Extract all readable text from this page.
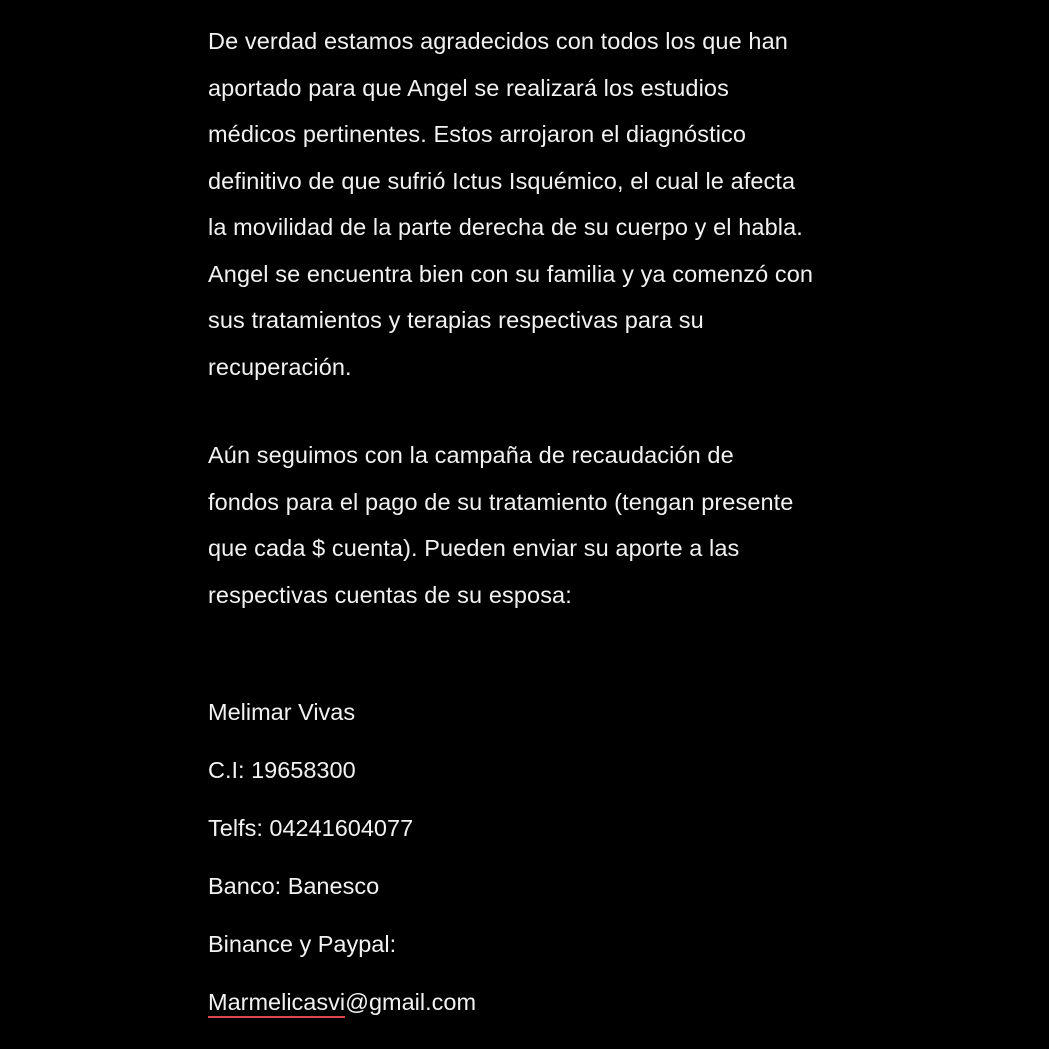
De verdad estamos agradecidos con todos los que han
aportado para que Angel se realizará los estudios
médicos pertinentes. Estos arrojaron el diagnóstico
definitivo de que sufrió Ictus Isquémico, el cual le afecta
la movilidad de la parte derecha de su cuerpo y el habla.
Angel se encuentra bien con su familia y ya comenzó con
sus tratamientos y terapias respectivas para su
recuperación.
Aún seguimos con la campaña de recaudación de
fondos para el pago de su tratamiento (tengan presente
que cada $ cuenta). Pueden enviar su aporte a las
respectivas cuentas de su esposa:
Melimar Vivas
C.I: 19658300
Telfs: 04241604077
Banco: Banesco
Binance y Paypal:
Marmelicasvi@gmail.com
